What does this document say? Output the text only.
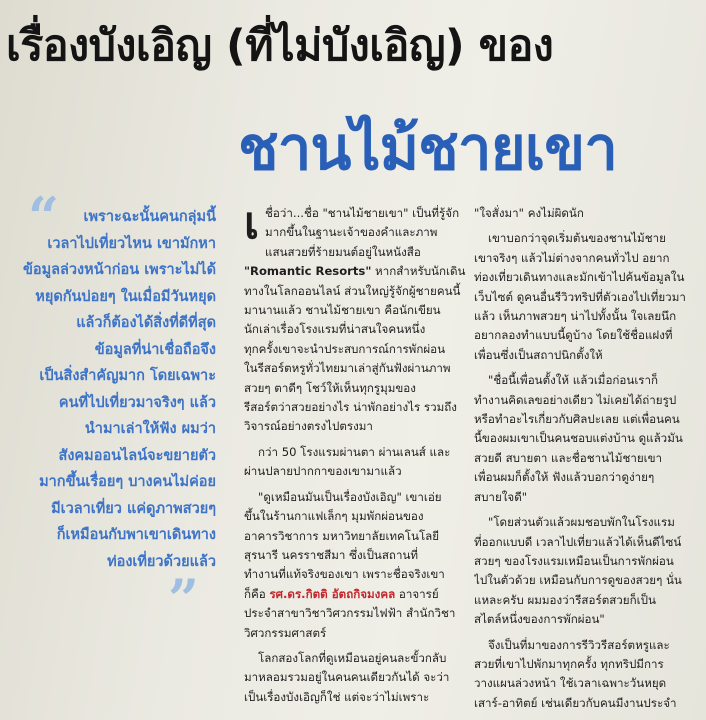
เรื่องบังเอิญ (ที่ไม่บังเอิญ) ของ
ชานไม้ชายเขา
“	เพราะฉะนั้นคนกลุ่มนี้
เวลาไปเที่ยวไหน เขามักหา
ข้อมูลล่วงหน้าก่อน เพราะไม่ได้
หยุดกันบ่อยๆ ในเมื่อมีวันหยุด
แล้วก็ต้องได้สิ่งที่ดีที่สุด
ข้อมูลที่น่าเชื่อถือจึง
เป็นสิ่งสำคัญมาก โดยเฉพาะ
คนที่ไปเที่ยวมาจริงๆ แล้ว
นำมาเล่าให้ฟัง ผมว่า
สังคมออนไลน์จะขยายตัว
มากขึ้นเรื่อยๆ บางคนไม่ค่อย
มีเวลาเที่ยว แค่ดูภาพสวยๆ
ก็เหมือนกับพาเขาเดินทาง
ท่องเที่ยวด้วยแล้ว
”
เ ชื่อว่า...ชื่อ "ชานไม้ชายเขา" เป็นที่รู้จัก
มากขึ้นในฐานะเจ้าของคำและภาพ
แสนสวยที่ร้ายมนต์อยู่ในหนังสือ
"Romantic Resorts" หากสำหรับนักเดิน
ทางในโลกออนไลน์ ส่วนใหญ่รู้จักผู้ชายคนนี้
มานานแล้ว ชานไม้ชายเขา คือนักเขียน
นักเล่าเรื่องโรงแรมที่น่าสนใจคนหนึ่ง
ทุกครั้งเขาจะนำประสบการณ์การพักผ่อน
ในรีสอร์ตหรูทั่วไทยมาเล่าสู่กันฟังผ่านภาพ
สวยๆ ตาดีๆ โชว์ให้เห็นทุกรูมุมของ
รีสอร์ตว่าสวยอย่างไร น่าพักอย่างไร รวมถึง
วิจารณ์อย่างตรงไปตรงมา
กว่า 50 โรงแรมผ่านตา ผ่านเลนส์ และ
ผ่านปลายปากกาของเขามาแล้ว
"ดูเหมือนมันเป็นเรื่องบังเอิญ" เขาเอ่ย
ขึ้นในร้านกาแฟเล็กๆ มุมพักผ่อนของ
อาคารวิชาการ มหาวิทยาลัยเทคโนโลยี
สุรนารี นครราชสีมา ซึ่งเป็นสถานที่
ทำงานที่แท้จริงของเขา เพราะชื่อจริงเขา
ก็คือ รศ.ดร.กิตติ อัตถกิจมงคล อาจารย์
ประจำสาขาวิชาวิศวกรรมไฟฟ้า สำนักวิชา
วิศวกรรมศาสตร์
โลกสองโลกที่ดูเหมือนอยู่คนละขั้วกลับ
มาหลอมรวมอยู่ในคนคนเดียวกันได้ จะว่า
เป็นเรื่องบังเอิญก็ใช่ แต่จะว่าไม่เพราะ
"ใจสั่งมา" คงไม่ผิดนัก
เขาบอกว่าจุดเริ่มต้นของชานไม้ชาย
เขาจริงๆ แล้วไม่ต่างจากคนทั่วไป อยาก
ท่องเที่ยวเดินทางและมักเข้าไปค้นข้อมูลใน
เว็บไซต์ ดูคนอื่นรีวิวทริปที่ตัวเองไปเที่ยวมา
แล้ว เห็นภาพสวยๆ น่าไปทั้งนั้น ใจเลยนึก
อยากลองทำแบบนี้ดูบ้าง โดยใช้ชื่อแฝงที่
เพื่อนซึ่งเป็นสถาปนิกตั้งให้
"ชื่อนี้เพื่อนตั้งให้ แล้วเมื่อก่อนเราก็
ทำงานคิดเลขอย่างเดียว ไม่เคยได้ถ่ายรูป
หรือทำอะไรเกี่ยวกับศิลปะเลย แต่เพื่อนคน
นี้ของผมเขาเป็นคนชอบแต่งบ้าน ดูแล้วมัน
สวยดี สบายตา และชื่อชานไม้ชายเขา
เพื่อนผมก็ตั้งให้ ฟังแล้วบอกว่าดูง่ายๆ
สบายใจดี"
"โดยส่วนตัวแล้วผมชอบพักในโรงแรม
ที่ออกแบบดี เวลาไปเที่ยวแล้วได้เห็นดีไซน์
สวยๆ ของโรงแรมเหมือนเป็นการพักผ่อน
ไปในตัวด้วย เหมือนกับการดูของสวยๆ นั่น
แหละครับ ผมมองว่ารีสอร์ตสวยก็เป็น
สไตล์หนึ่งของการพักผ่อน"
จึงเป็นที่มาของการรีวิวรีสอร์ตหรูและ
สวยที่เขาไปพักมาทุกครั้ง ทุกทริปมีการ
วางแผนล่วงหน้า ใช้เวลาเฉพาะวันหยุด
เสาร์-อาทิตย์ เช่นเดียวกับคนมีงานประจำ
